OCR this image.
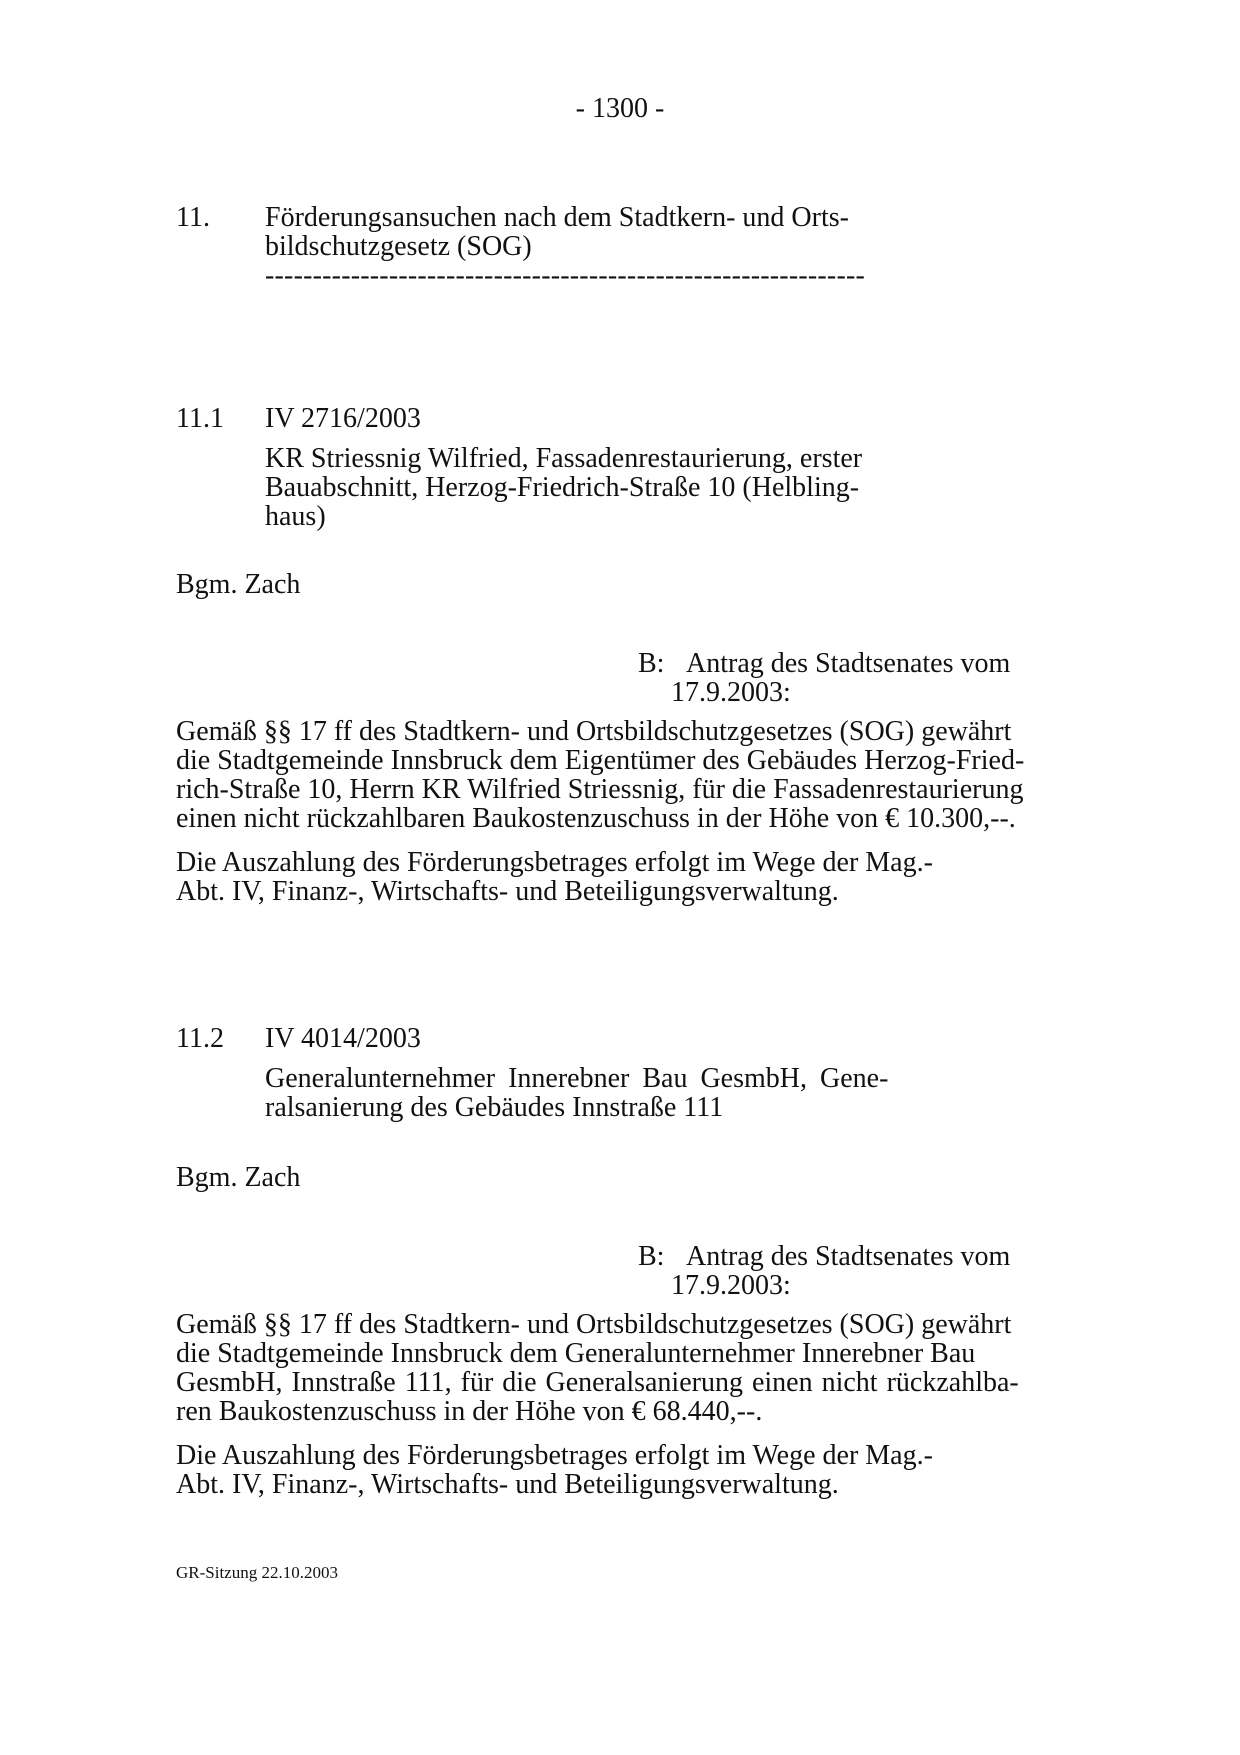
- 1300 -
11. Förderungsansuchen nach dem Stadtkern- und Orts-
bildschutzgesetz (SOG)
---------------------------------------------------------------
11.1 IV 2716/2003
KR Striessnig Wilfried, Fassadenrestaurierung, erster
Bauabschnitt, Herzog-Friedrich-Straße 10 (Helbling-
haus)
Bgm. Zach
B: Antrag des Stadtsenates vom
17.9.2003:
Gemäß §§ 17 ff des Stadtkern- und Ortsbildschutzgesetzes (SOG) gewährt
die Stadtgemeinde Innsbruck dem Eigentümer des Gebäudes Herzog-Fried-
rich-Straße 10, Herrn KR Wilfried Striessnig, für die Fassadenrestaurierung
einen nicht rückzahlbaren Baukostenzuschuss in der Höhe von € 10.300,--.
Die Auszahlung des Förderungsbetrages erfolgt im Wege der Mag.-
Abt. IV, Finanz-, Wirtschafts- und Beteiligungsverwaltung.
11.2 IV 4014/2003
Generalunternehmer Innerebner Bau GesmbH, Gene-
ralsanierung des Gebäudes Innstraße 111
Bgm. Zach
B: Antrag des Stadtsenates vom
17.9.2003:
Gemäß §§ 17 ff des Stadtkern- und Ortsbildschutzgesetzes (SOG) gewährt
die Stadtgemeinde Innsbruck dem Generalunternehmer Innerebner Bau
GesmbH, Innstraße 111, für die Generalsanierung einen nicht rückzahlba-
ren Baukostenzuschuss in der Höhe von € 68.440,--.
Die Auszahlung des Förderungsbetrages erfolgt im Wege der Mag.-
Abt. IV, Finanz-, Wirtschafts- und Beteiligungsverwaltung.
GR-Sitzung 22.10.2003
